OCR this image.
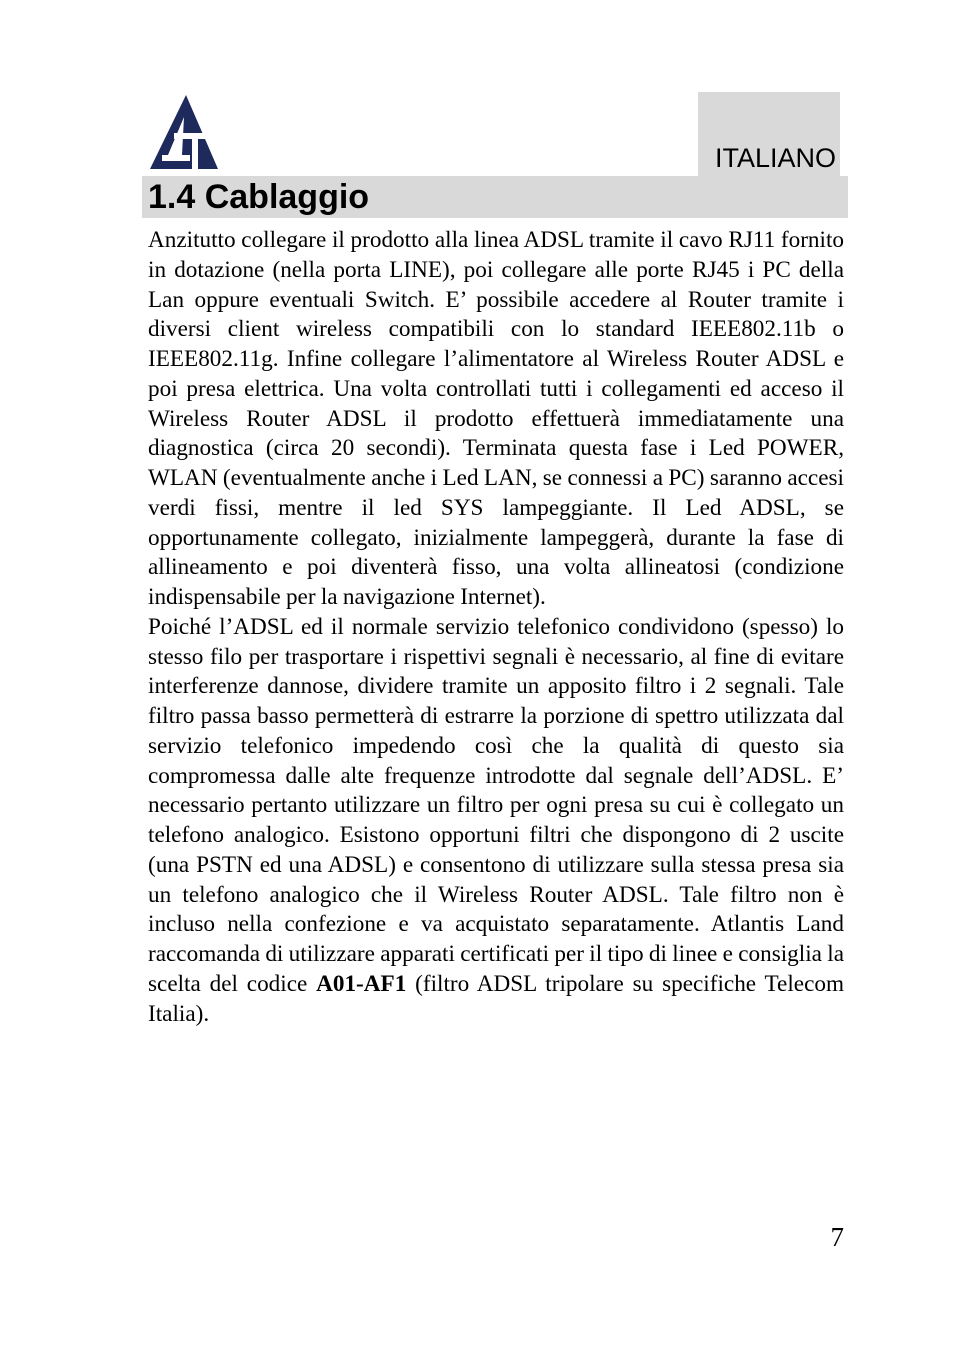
ITALIANO
1.4 Cablaggio

Anzitutto collegare il prodotto alla linea ADSL tramite il cavo RJ11 fornito in dotazione (nella porta LINE), poi collegare alle porte RJ45 i PC della Lan oppure eventuali Switch. E’ possibile accedere al Router tramite i diversi client wireless compatibili con lo standard IEEE802.11b o IEEE802.11g. Infine collegare l’alimentatore al Wireless Router ADSL e poi presa elettrica. Una volta controllati tutti i collegamenti ed acceso il Wireless Router ADSL il prodotto effettuerà immediatamente una diagnostica (circa 20 secondi). Terminata questa fase i Led POWER, WLAN (eventualmente anche i Led LAN, se connessi a PC) saranno accesi verdi fissi, mentre il led SYS lampeggiante. Il Led ADSL, se opportunamente collegato, inizialmente lampeggerà, durante la fase di allineamento e poi diventerà fisso, una volta allineatosi (condizione indispensabile per la navigazione Internet).

Poiché l’ADSL ed il normale servizio telefonico condividono (spesso) lo stesso filo per trasportare i rispettivi segnali è necessario, al fine di evitare interferenze dannose, dividere tramite un apposito filtro i 2 segnali. Tale filtro passa basso permetterà di estrarre la porzione di spettro utilizzata dal servizio telefonico impedendo così che la qualità di questo sia compromessa dalle alte frequenze introdotte dal segnale dell’ADSL. E’ necessario pertanto utilizzare un filtro per ogni presa su cui è collegato un telefono analogico. Esistono opportuni filtri che dispongono di 2 uscite (una PSTN ed una ADSL) e consentono di utilizzare sulla stessa presa sia un telefono analogico che il Wireless Router ADSL. Tale filtro non è incluso nella confezione e va acquistato separatamente. Atlantis Land raccomanda di utilizzare apparati certificati per il tipo di linee e consiglia la scelta del codice A01-AF1 (filtro ADSL tripolare su specifiche Telecom Italia).

7
